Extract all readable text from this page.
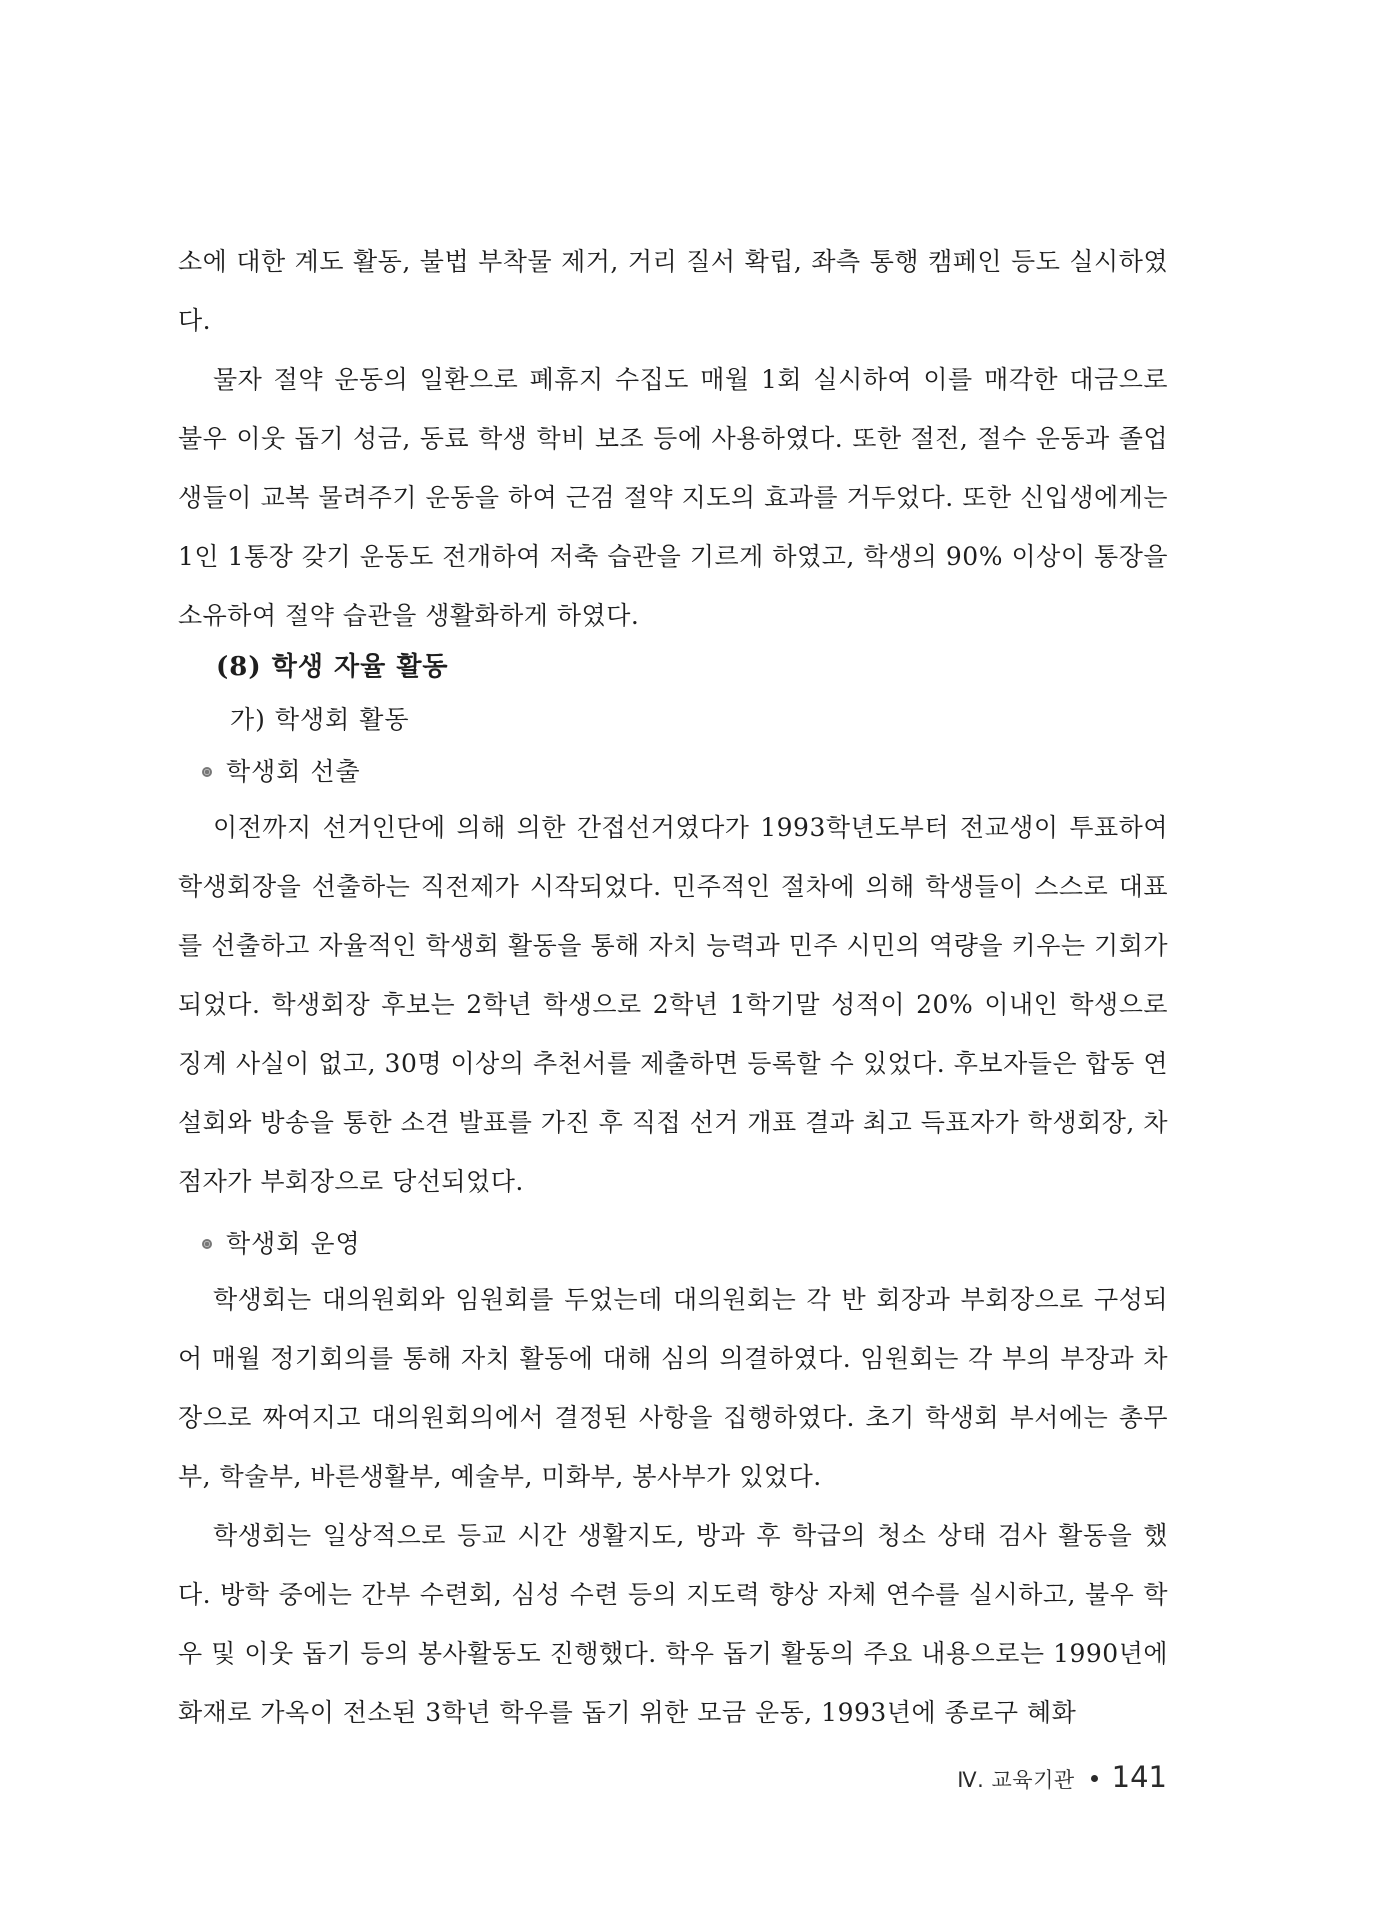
소에 대한 계도 활동, 불법 부착물 제거, 거리 질서 확립, 좌측 통행 캠페인 등도 실시하였다.

물자 절약 운동의 일환으로 폐휴지 수집도 매월 1회 실시하여 이를 매각한 대금으로 불우 이웃 돕기 성금, 동료 학생 학비 보조 등에 사용하였다. 또한 절전, 절수 운동과 졸업생들이 교복 물려주기 운동을 하여 근검 절약 지도의 효과를 거두었다. 또한 신입생에게는 1인 1통장 갖기 운동도 전개하여 저축 습관을 기르게 하였고, 학생의 90% 이상이 통장을 소유하여 절약 습관을 생활화하게 하였다.

(8) 학생 자율 활동

가) 학생회 활동

학생회 선출

이전까지 선거인단에 의해 의한 간접선거였다가 1993학년도부터 전교생이 투표하여 학생회장을 선출하는 직전제가 시작되었다. 민주적인 절차에 의해 학생들이 스스로 대표를 선출하고 자율적인 학생회 활동을 통해 자치 능력과 민주 시민의 역량을 키우는 기회가 되었다. 학생회장 후보는 2학년 학생으로 2학년 1학기말 성적이 20% 이내인 학생으로 징계 사실이 없고, 30명 이상의 추천서를 제출하면 등록할 수 있었다. 후보자들은 합동 연설회와 방송을 통한 소견 발표를 가진 후 직접 선거 개표 결과 최고 득표자가 학생회장, 차점자가 부회장으로 당선되었다.

학생회 운영

학생회는 대의원회와 임원회를 두었는데 대의원회는 각 반 회장과 부회장으로 구성되어 매월 정기회의를 통해 자치 활동에 대해 심의 의결하였다. 임원회는 각 부의 부장과 차장으로 짜여지고 대의원회의에서 결정된 사항을 집행하였다. 초기 학생회 부서에는 총무부, 학술부, 바른생활부, 예술부, 미화부, 봉사부가 있었다.

학생회는 일상적으로 등교 시간 생활지도, 방과 후 학급의 청소 상태 검사 활동을 했다. 방학 중에는 간부 수련회, 심성 수련 등의 지도력 향상 자체 연수를 실시하고, 불우 학우 및 이웃 돕기 등의 봉사활동도 진행했다. 학우 돕기 활동의 주요 내용으로는 1990년에 화재로 가옥이 전소된 3학년 학우를 돕기 위한 모금 운동, 1993년에 종로구 혜화

Ⅳ. 교육기관 141
